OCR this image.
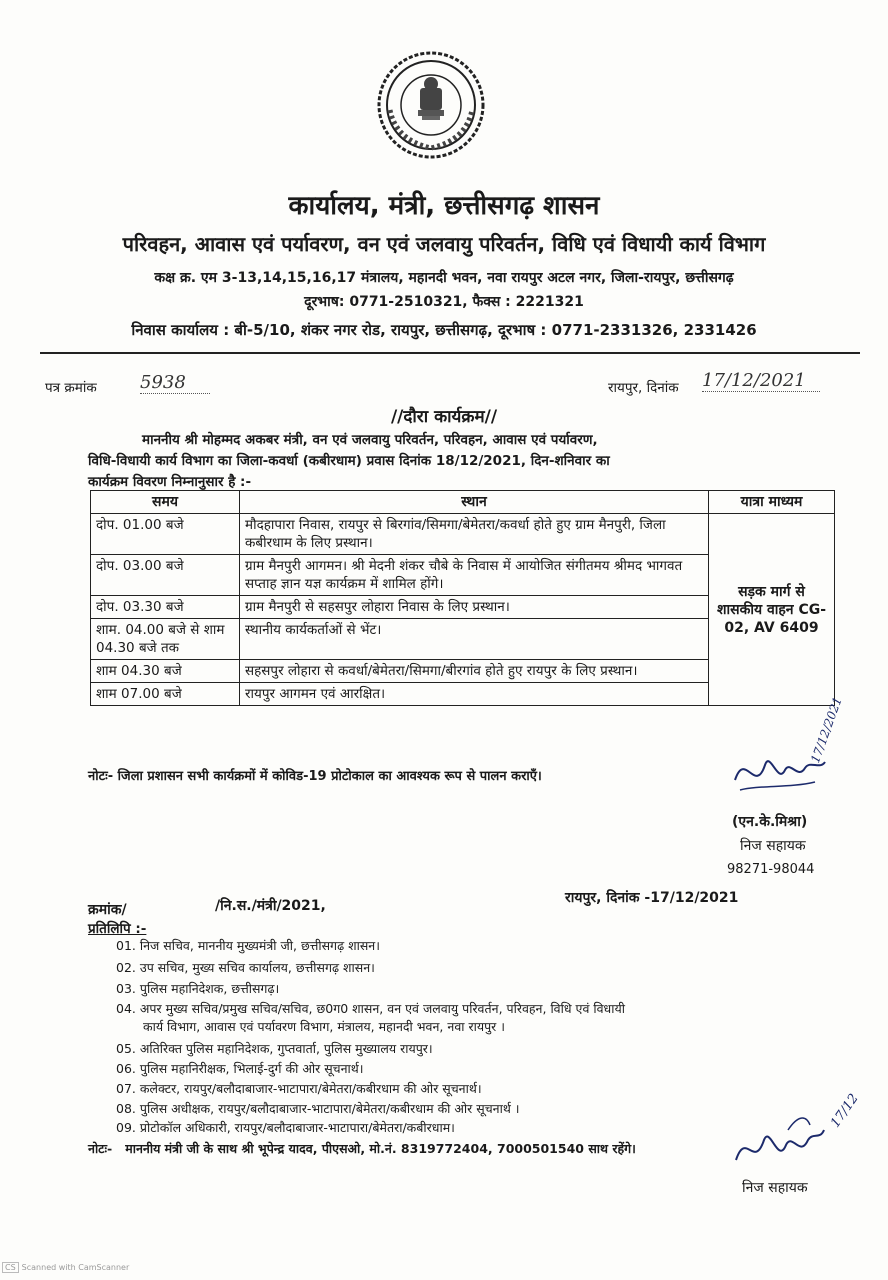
कार्यालय, मंत्री, छत्तीसगढ़ शासन
परिवहन, आवास एवं पर्यावरण, वन एवं जलवायु परिवर्तन, विधि एवं विधायी कार्य विभाग
कक्ष क्र. एम 3-13,14,15,16,17 मंत्रालय, महानदी भवन, नवा रायपुर अटल नगर, जिला-रायपुर, छत्तीसगढ़
दूरभाष: 0771-2510321, फैक्स : 2221321
निवास कार्यालय : बी-5/10, शंकर नगर रोड, रायपुर, छत्तीसगढ़, दूरभाष : 0771-2331326, 2331426
पत्र क्रमांक 5938	रायपुर, दिनांक 17/12/2021
//दौरा कार्यक्रम//
माननीय श्री मोहम्मद अकबर मंत्री, वन एवं जलवायु परिवर्तन, परिवहन, आवास एवं पर्यावरण,
विधि-विधायी कार्य विभाग का जिला-कवर्धा (कबीरधाम) प्रवास दिनांक 18/12/2021, दिन-शनिवार का
कार्यक्रम विवरण निम्नानुसार है :-
समय	स्थान	यात्रा माध्यम
दोप. 01.00 बजे	मौदहापारा निवास, रायपुर से बिरगांव/सिमगा/बेमेतरा/कवर्धा होते हुए ग्राम मैनपुरी, जिला कबीरधाम के लिए प्रस्थान।	सड़क मार्ग से शासकीय वाहन CG-02, AV 6409
दोप. 03.00 बजे	ग्राम मैनपुरी आगमन। श्री मेदनी शंकर चौबे के निवास में आयोजित संगीतमय श्रीमद भागवत सप्ताह ज्ञान यज्ञ कार्यक्रम में शामिल होंगे।	
दोप. 03.30 बजे	ग्राम मैनपुरी से सहसपुर लोहारा निवास के लिए प्रस्थान।	
शाम. 04.00 बजे से शाम 04.30 बजे तक	स्थानीय कार्यकर्ताओं से भेंट।	
शाम 04.30 बजे	सहसपुर लोहारा से कवर्धा/बेमेतरा/सिमगा/बीरगांव होते हुए रायपुर के लिए प्रस्थान।	
शाम 07.00 बजे	रायपुर आगमन एवं आरक्षित।	
नोटः- जिला प्रशासन सभी कार्यक्रमों में कोविड-19 प्रोटोकाल का आवश्यक रूप से पालन कराएँ।
17/12/2021
(एन.के.मिश्रा)
निज सहायक
98271-98044
क्रमांक/	/नि.स./मंत्री/2021,	रायपुर, दिनांक -17/12/2021
प्रतिलिपि :-
01. निज सचिव, माननीय मुख्यमंत्री जी, छत्तीसगढ़ शासन।
02. उप सचिव, मुख्य सचिव कार्यालय, छत्तीसगढ़ शासन।
03. पुलिस महानिदेशक, छत्तीसगढ़।
04. अपर मुख्य सचिव/प्रमुख सचिव/सचिव, छ0ग0 शासन, वन एवं जलवायु परिवर्तन, परिवहन, विधि एवं विधायी
कार्य विभाग, आवास एवं पर्यावरण विभाग, मंत्रालय, महानदी भवन, नवा रायपुर ।
05. अतिरिक्त पुलिस महानिदेशक, गुप्तवार्ता, पुलिस मुख्यालय रायपुर।
06. पुलिस महानिरीक्षक, भिलाई-दुर्ग की ओर सूचनार्थ।
07. कलेक्टर, रायपुर/बलौदाबाजार-भाटापारा/बेमेतरा/कबीरधाम की ओर सूचनार्थ।
08. पुलिस अधीक्षक, रायपुर/बलौदाबाजार-भाटापारा/बेमेतरा/कबीरधाम की ओर सूचनार्थ ।
09. प्रोटोकॉल अधिकारी, रायपुर/बलौदाबाजार-भाटापारा/बेमेतरा/कबीरधाम।
नोटः-   माननीय मंत्री जी के साथ श्री भूपेन्द्र यादव, पीएसओ, मो.नं. 8319772404, 7000501540 साथ रहेंगे।
17/12
निज सहायक
CS Scanned with CamScanner
